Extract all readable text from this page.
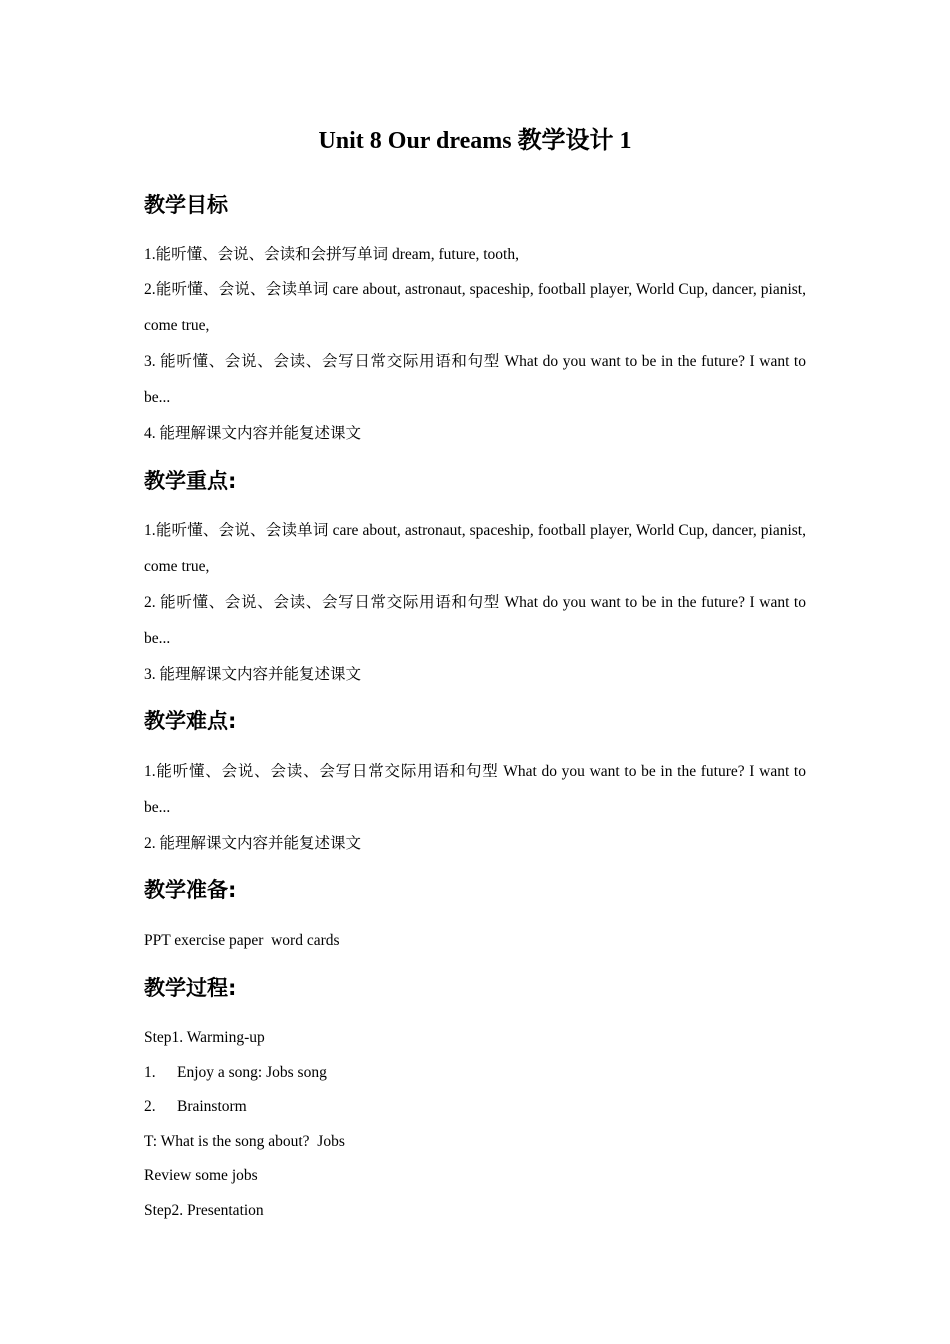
Unit 8 Our dreams 教学设计 1
教学目标
1.能听懂、会说、会读和会拼写单词 dream, future, tooth,
2.能听懂、会说、会读单词 care about, astronaut, spaceship, football player, World Cup, dancer, pianist, come true,
3. 能听懂、会说、会读、会写日常交际用语和句型 What do you want to be in the future? I want to be...
4. 能理解课文内容并能复述课文
教学重点:
1.能听懂、会说、会读单词 care about, astronaut, spaceship, football player, World Cup, dancer, pianist, come true,
2. 能听懂、会说、会读、会写日常交际用语和句型 What do you want to be in the future? I want to be...
3. 能理解课文内容并能复述课文
教学难点:
1.能听懂、会说、会读、会写日常交际用语和句型 What do you want to be in the future? I want to be...
2. 能理解课文内容并能复述课文
教学准备:
PPT exercise paper  word cards
教学过程:
Step1. Warming-up
1. Enjoy a song: Jobs song
2. Brainstorm
T: What is the song about?  Jobs
Review some jobs
Step2. Presentation
